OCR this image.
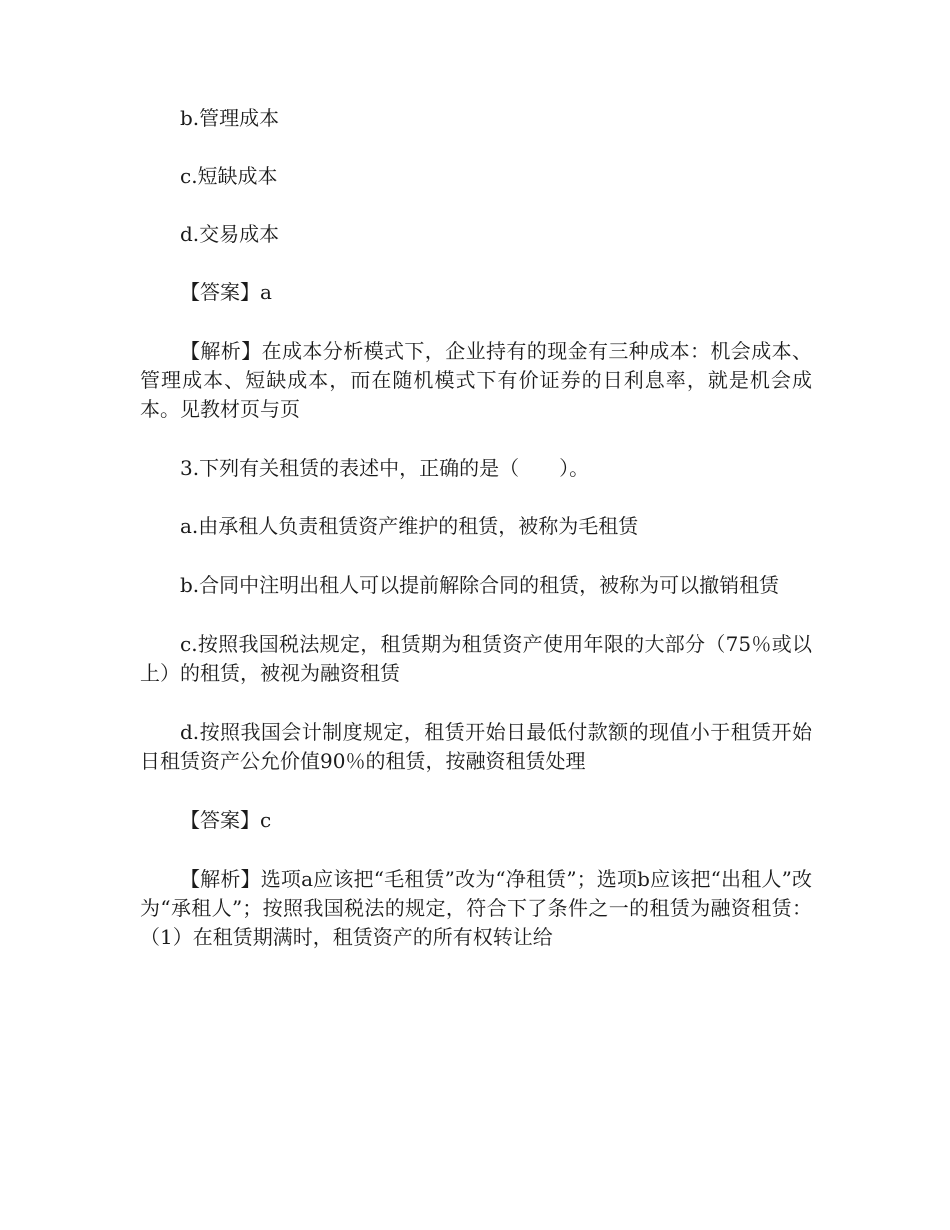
b.管理成本

c.短缺成本

d.交易成本

【答案】a

【解析】在成本分析模式下，企业持有的现金有三种成本：机会成本、管理成本、短缺成本，而在随机模式下有价证券的日利息率，就是机会成本。见教材页与页

3.下列有关租赁的表述中，正确的是（　　）。

a.由承租人负责租赁资产维护的租赁，被称为毛租赁

b.合同中注明出租人可以提前解除合同的租赁，被称为可以撤销租赁

c.按照我国税法规定，租赁期为租赁资产使用年限的大部分（75％或以上）的租赁，被视为融资租赁

d.按照我国会计制度规定，租赁开始日最低付款额的现值小于租赁开始日租赁资产公允价值90％的租赁，按融资租赁处理

【答案】c

【解析】选项a应该把“毛租赁”改为“净租赁”；选项b应该把“出租人”改为“承租人”；按照我国税法的规定，符合下了条件之一的租赁为融资租赁：（1）在租赁期满时，租赁资产的所有权转让给
